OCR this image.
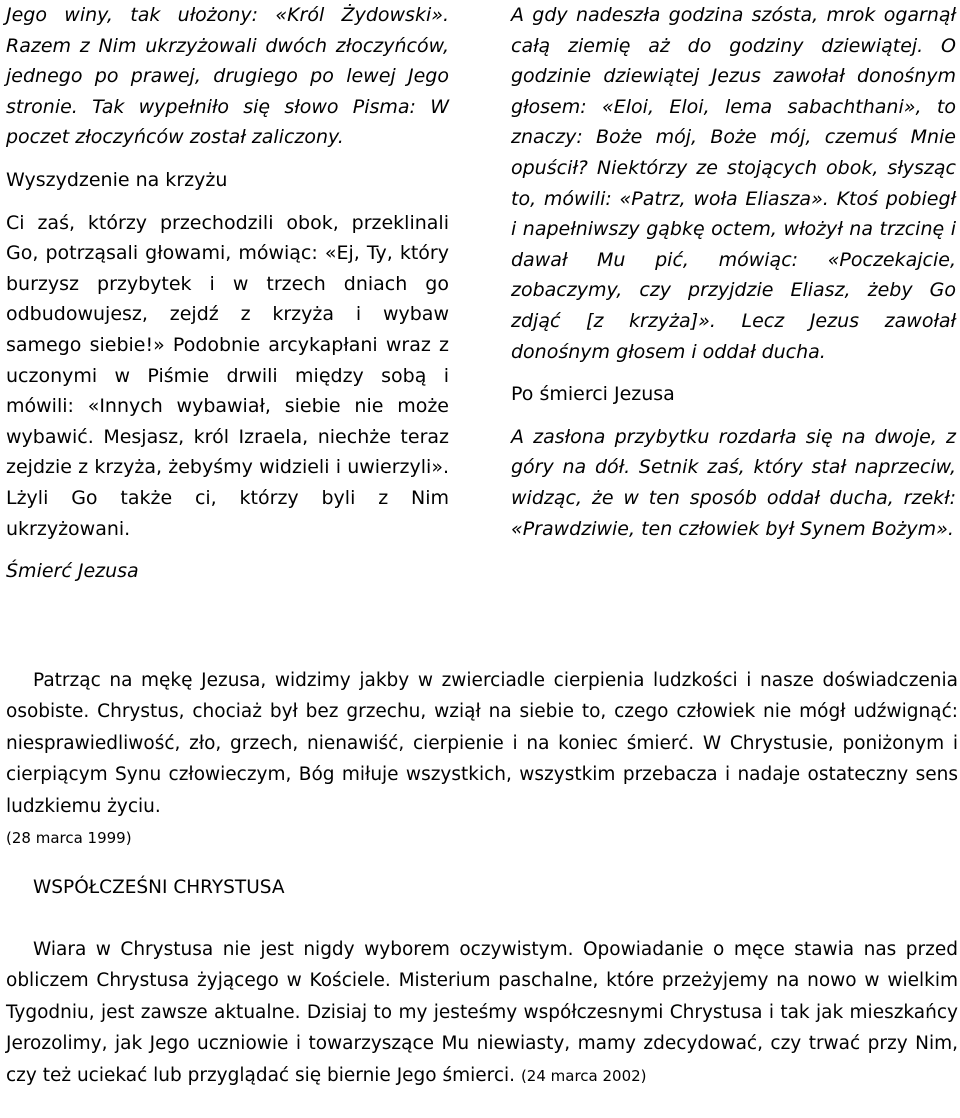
Jego winy, tak ułożony: «Król Żydowski». Razem z Nim ukrzyżowali dwóch złoczyńców, jednego po prawej, drugiego po lewej Jego stronie. Tak wypełniło się słowo Pisma: W poczet złoczyńców został zaliczony.

Wyszydzenie na krzyżu

Ci zaś, którzy przechodzili obok, przeklinali Go, potrząsali głowami, mówiąc: «Ej, Ty, który burzysz przybytek i w trzech dniach go odbudowujesz, zejdź z krzyża i wybaw samego siebie!» Podobnie arcykapłani wraz z uczonymi w Piśmie drwili między sobą i mówili: «Innych wybawiał, siebie nie może wybawić. Mesjasz, król Izraela, niechże teraz zejdzie z krzyża, żebyśmy widzieli i uwierzyli». Lżyli Go także ci, którzy byli z Nim ukrzyżowani.

Śmierć Jezusa

A gdy nadeszła godzina szósta, mrok ogarnął całą ziemię aż do godziny dziewiątej. O godzinie dziewiątej Jezus zawołał donośnym głosem: «Eloi, Eloi, lema sabachthani», to znaczy: Boże mój, Boże mój, czemuś Mnie opuścił? Niektórzy ze stojących obok, słysząc to, mówili: «Patrz, woła Eliasza». Ktoś pobiegł i napełniwszy gąbkę octem, włożył na trzcinę i dawał Mu pić, mówiąc: «Poczekajcie, zobaczymy, czy przyjdzie Eliasz, żeby Go zdjąć [z krzyża]». Lecz Jezus zawołał donośnym głosem i oddał ducha.

Po śmierci Jezusa

A zasłona przybytku rozdarła się na dwoje, z góry na dół. Setnik zaś, który stał naprzeciw, widząc, że w ten sposób oddał ducha, rzekł: «Prawdziwie, ten człowiek był Synem Bożym».

Patrząc na mękę Jezusa, widzimy jakby w zwierciadle cierpienia ludzkości i nasze doświadczenia osobiste. Chrystus, chociaż był bez grzechu, wziął na siebie to, czego człowiek nie mógł udźwignąć: niesprawiedliwość, zło, grzech, nienawiść, cierpienie i na koniec śmierć. W Chrystusie, poniżonym i cierpiącym Synu człowieczym, Bóg miłuje wszystkich, wszystkim przebacza i nadaje ostateczny sens ludzkiemu życiu.
(28 marca 1999)

WSPÓŁCZEŚNI CHRYSTUSA

Wiara w Chrystusa nie jest nigdy wyborem oczywistym. Opowiadanie o męce stawia nas przed obliczem Chrystusa żyjącego w Kościele. Misterium paschalne, które przeżyjemy na nowo w wielkim Tygodniu, jest zawsze aktualne. Dzisiaj to my jesteśmy współczesnymi Chrystusa i tak jak mieszkańcy Jerozolimy, jak Jego uczniowie i towarzyszące Mu niewiasty, mamy zdecydować, czy trwać przy Nim, czy też uciekać lub przyglądać się biernie Jego śmierci. (24 marca 2002)
